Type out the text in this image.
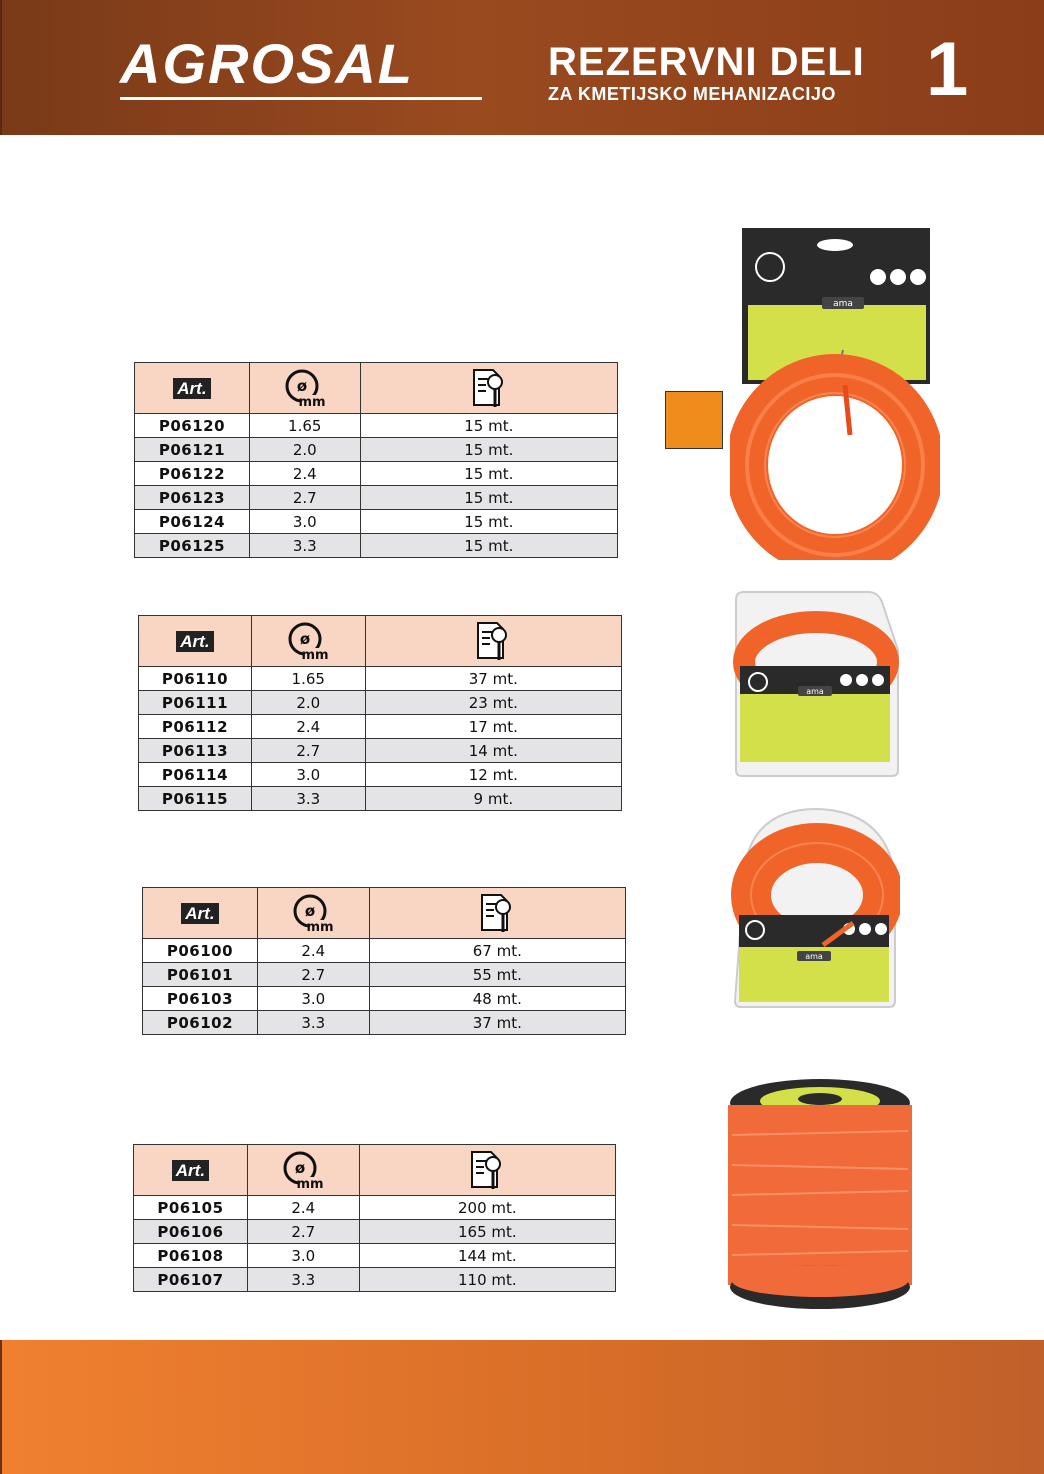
AGROSAL	REZERVNI DELI
ZA KMETIJSKO MEHANIZACIJO 1
Art.	ø
mm

P06120	1.65	15 mt.
P06121	2.0	15 mt.
P06122	2.4	15 mt.
P06123	2.7	15 mt.
P06124	3.0	15 mt.
P06125	3.3	15 mt.
Art.	ø
mm

P06110	1.65	37 mt.
P06111	2.0	23 mt.
P06112	2.4	17 mt.
P06113	2.7	14 mt.
P06114	3.0	12 mt.
P06115	3.3	9 mt.
Art.	ø
mm

P06100	2.4	67 mt.
P06101	2.7	55 mt.
P06103	3.0	48 mt.
P06102	3.3	37 mt.
Art.	ø
mm

P06105	2.4	200 mt.
P06106	2.7	165 mt.
P06108	3.0	144 mt.
P06107	3.3	110 mt.
ama
ama
ama
